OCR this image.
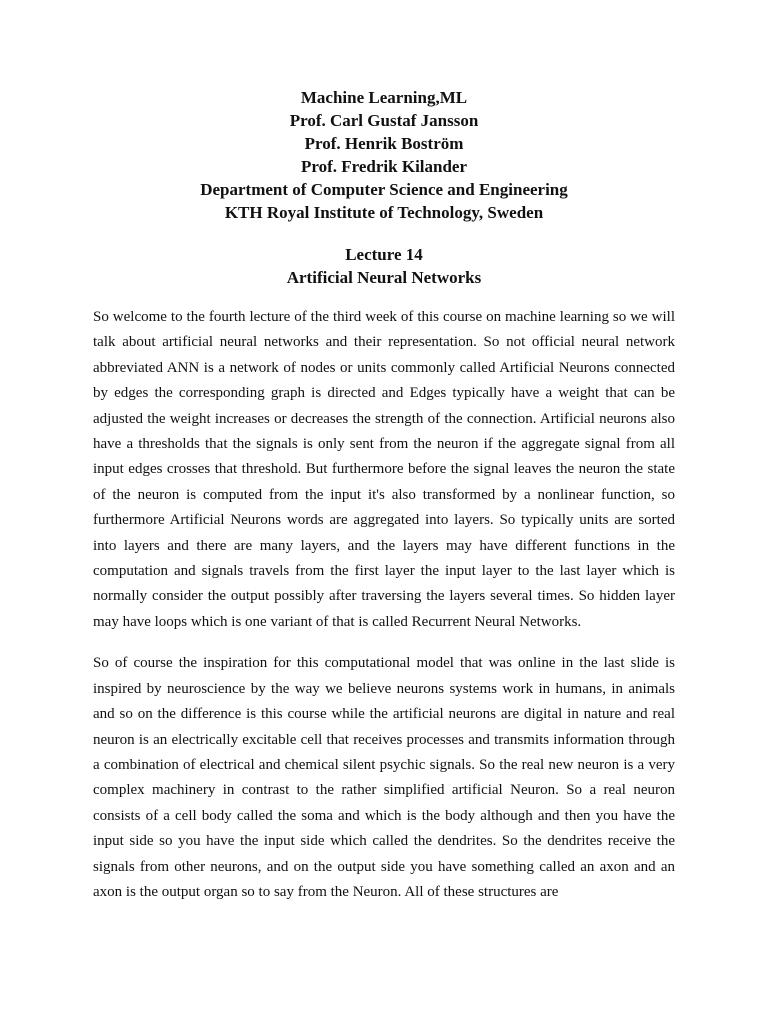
Machine Learning,ML
Prof. Carl Gustaf Jansson
Prof. Henrik Boström
Prof. Fredrik Kilander
Department of Computer Science and Engineering
KTH Royal Institute of Technology, Sweden
Lecture 14
Artificial Neural Networks

So welcome to the fourth lecture of the third week of this course on machine learning so we will talk about artificial neural networks and their representation. So not official neural network abbreviated ANN is a network of nodes or units commonly called Artificial Neurons connected by edges the corresponding graph is directed and Edges typically have a weight that can be adjusted the weight increases or decreases the strength of the connection. Artificial neurons also have a thresholds that the signals is only sent from the neuron if the aggregate signal from all input edges crosses that threshold. But furthermore before the signal leaves the neuron the state of the neuron is computed from the input it's also transformed by a nonlinear function, so furthermore Artificial Neurons words are aggregated into layers. So typically units are sorted into layers and there are many layers, and the layers may have different functions in the computation and signals travels from the first layer the input layer to the last layer which is normally consider the output possibly after traversing the layers several times. So hidden layer may have loops which is one variant of that is called Recurrent Neural Networks.

So of course the inspiration for this computational model that was online in the last slide is inspired by neuroscience by the way we believe neurons systems work in humans, in animals and so on the difference is this course while the artificial neurons are digital in nature and real neuron is an electrically excitable cell that receives processes and transmits information through a combination of electrical and chemical silent psychic signals. So the real new neuron is a very complex machinery in contrast to the rather simplified artificial Neuron. So a real neuron consists of a cell body called the soma and which is the body although and then you have the input side so you have the input side which called the dendrites. So the dendrites receive the signals from other neurons, and on the output side you have something called an axon and an axon is the output organ so to say from the Neuron. All of these structures are
